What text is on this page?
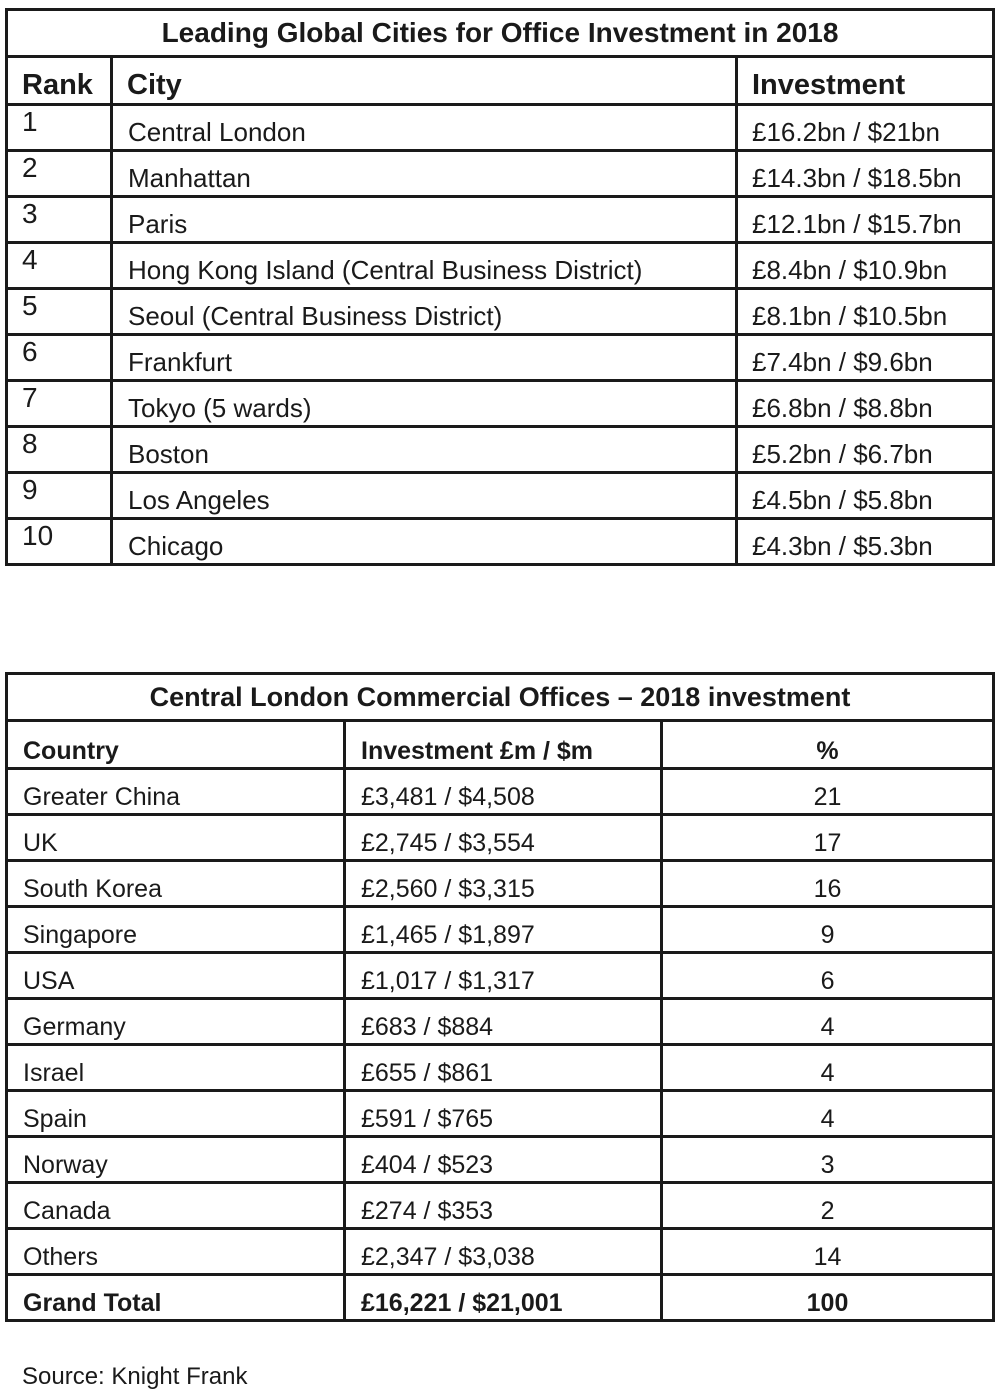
Leading Global Cities for Office Investment in 2018		
Rank	City	Investment
1	Central London	£16.2bn / $21bn
2	Manhattan	£14.3bn / $18.5bn
3	Paris	£12.1bn / $15.7bn
4	Hong Kong Island (Central Business District)	£8.4bn / $10.9bn
5	Seoul (Central Business District)	£8.1bn / $10.5bn
6	Frankfurt	£7.4bn / $9.6bn
7	Tokyo (5 wards)	£6.8bn / $8.8bn
8	Boston	£5.2bn / $6.7bn
9	Los Angeles	£4.5bn / $5.8bn
10	Chicago	£4.3bn / $5.3bn
Central London Commercial Offices – 2018 investment		
Country	Investment £m / $m	%
Greater China	£3,481 / $4,508	21
UK	£2,745 / $3,554	17
South Korea	£2,560 / $3,315	16
Singapore	£1,465 / $1,897	9
USA	£1,017 / $1,317	6
Germany	£683 / $884	4
Israel	£655 / $861	4
Spain	£591 / $765	4
Norway	£404 / $523	3
Canada	£274 / $353	2
Others	£2,347 / $3,038	14
Grand Total	£16,221 / $21,001	100
Source: Knight Frank
